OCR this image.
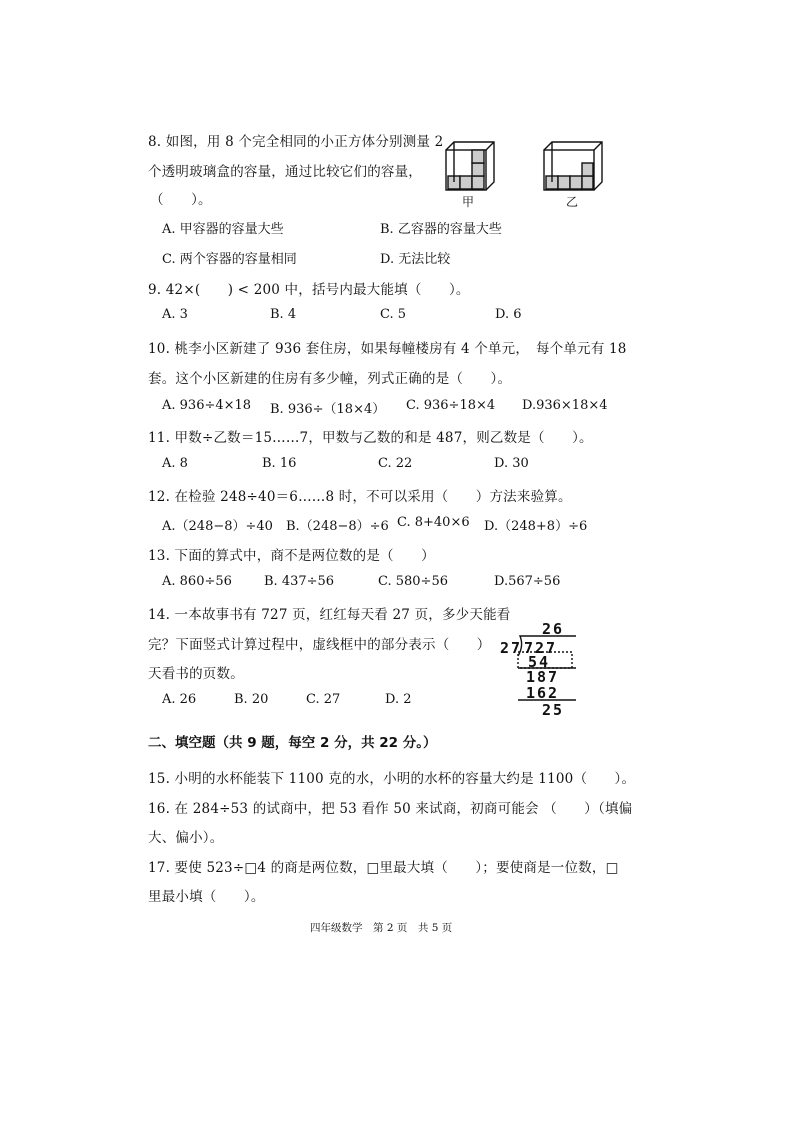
8. 如图，用 8 个完全相同的小正方体分别测量 2
个透明玻璃盒的容量，通过比较它们的容量，
（　　）。	甲	乙
A. 甲容器的容量大些	B. 乙容器的容量大些
C. 两个容器的容量相同	D. 无法比较
9. 42×(　　) < 200 中，括号内最大能填（　　）。
A. 3	B. 4	C. 5	D. 6
10. 桃李小区新建了 936 套住房，如果每幢楼房有 4 个单元，　每个单元有 18
套。这个小区新建的住房有多少幢，列式正确的是（　　）。
A. 936÷4×18 B. 936÷（18×4） C. 936÷18×4 D.936×18×4
11. 甲数÷乙数＝15……7，甲数与乙数的和是 487，则乙数是（　　）。
A. 8	B. 16	C. 22	D. 30
12. 在检验 248÷40＝6……8 时，不可以采用（　　）方法来验算。
A.（248−8）÷40 B.（248−8）÷6 C. 8+40×6 D.（248+8）÷6
13. 下面的算式中，商不是两位数的是（　　）
A. 860÷56 B. 437÷56	C. 580÷56	D.567÷56
14. 一本故事书有 727 页，红红每天看 27 页，多少天能看
完？下面竖式计算过程中，虚线框中的部分表示（　　）
天看书的页数。
A. 26	B. 20	C. 27	D. 2
26
27 727
54
187
162
25
二、填空题（共 9 题，每空 2 分，共 22 分。）
15. 小明的水杯能装下 1100 克的水，小明的水杯的容量大约是 1100（　　）。
16. 在 284÷53 的试商中，把 53 看作 50 来试商，初商可能会 （　　）（填偏
大、偏小）。
17. 要使 523÷□4 的商是两位数，□里最大填（　　）；要使商是一位数，□
里最小填（　　）。
四年级数学　第 2 页　共 5 页
